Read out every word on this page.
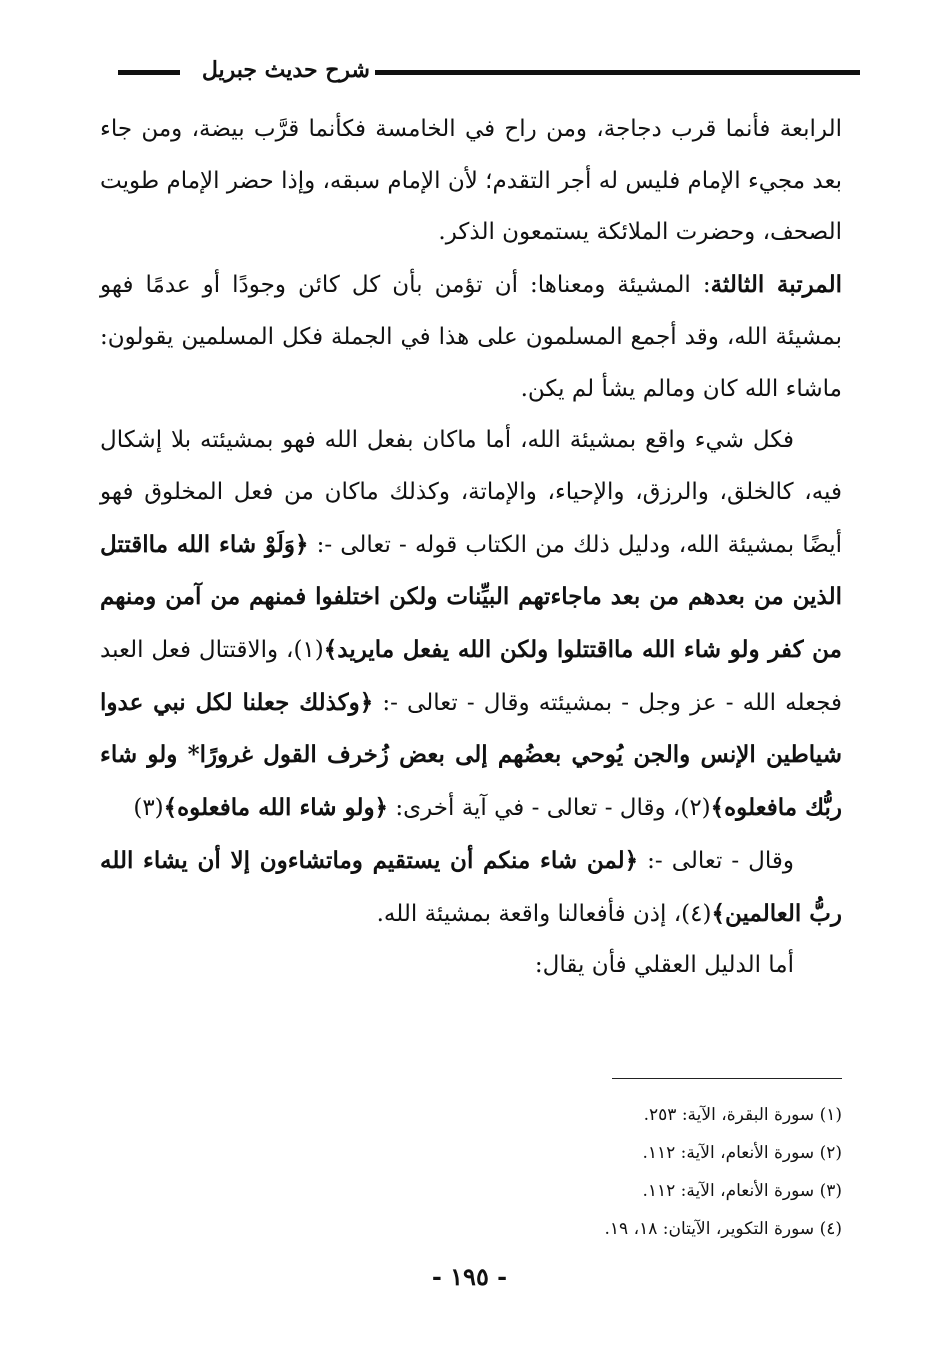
شرح حديث جبريل

الرابعة فأنما قرب دجاجة، ومن راح في الخامسة فكأنما قرَّب بيضة، ومن جاء بعد مجيء الإمام فليس له أجر التقدم؛ لأن الإمام سبقه، وإذا حضر الإمام طويت الصحف، وحضرت الملائكة يستمعون الذكر.

المرتبة الثالثة: المشيئة ومعناها: أن تؤمن بأن كل كائن وجودًا أو عدمًا فهو بمشيئة الله، وقد أجمع المسلمون على هذا في الجملة فكل المسلمين يقولون: ماشاء الله كان ومالم يشأ لم يكن.

فكل شيء واقع بمشيئة الله، أما ماكان بفعل الله فهو بمشيئته بلا إشكال فيه، كالخلق، والرزق، والإحياء، والإماتة، وكذلك ماكان من فعل المخلوق فهو أيضًا بمشيئة الله، ودليل ذلك من الكتاب قوله - تعالى -: ﴿وَلَوْ شاء الله مااقتتل الذين من بعدهم من بعد ماجاءتهم البيِّنات ولكن اختلفوا فمنهم من آمن ومنهم من كفر ولو شاء الله مااقتتلوا ولكن الله يفعل مايريد﴾(١)، والاقتتال فعل العبد فجعله الله - عز وجل - بمشيئته وقال - تعالى -: ﴿وكذلك جعلنا لكل نبي عدوا شياطين الإنس والجن يُوحي بعضُهم إلى بعض زُخرف القول غرورًا* ولو شاء ربُّك مافعلوه﴾(٢)، وقال - تعالى - في آية أخرى: ﴿ولو شاء الله مافعلوه﴾(٣)

وقال - تعالى -: ﴿لمن شاء منكم أن يستقيم وماتشاءون إلا أن يشاء الله ربُّ العالمين﴾(٤)، إذن فأفعالنا واقعة بمشيئة الله.

أما الدليل العقلي فأن يقال:

(١) سورة البقرة، الآية: ٢٥٣.
(٢) سورة الأنعام، الآية: ١١٢.
(٣) سورة الأنعام، الآية: ١١٢.
(٤) سورة التكوير، الآيتان: ١٨، ١٩.
- ١٩٥ -
